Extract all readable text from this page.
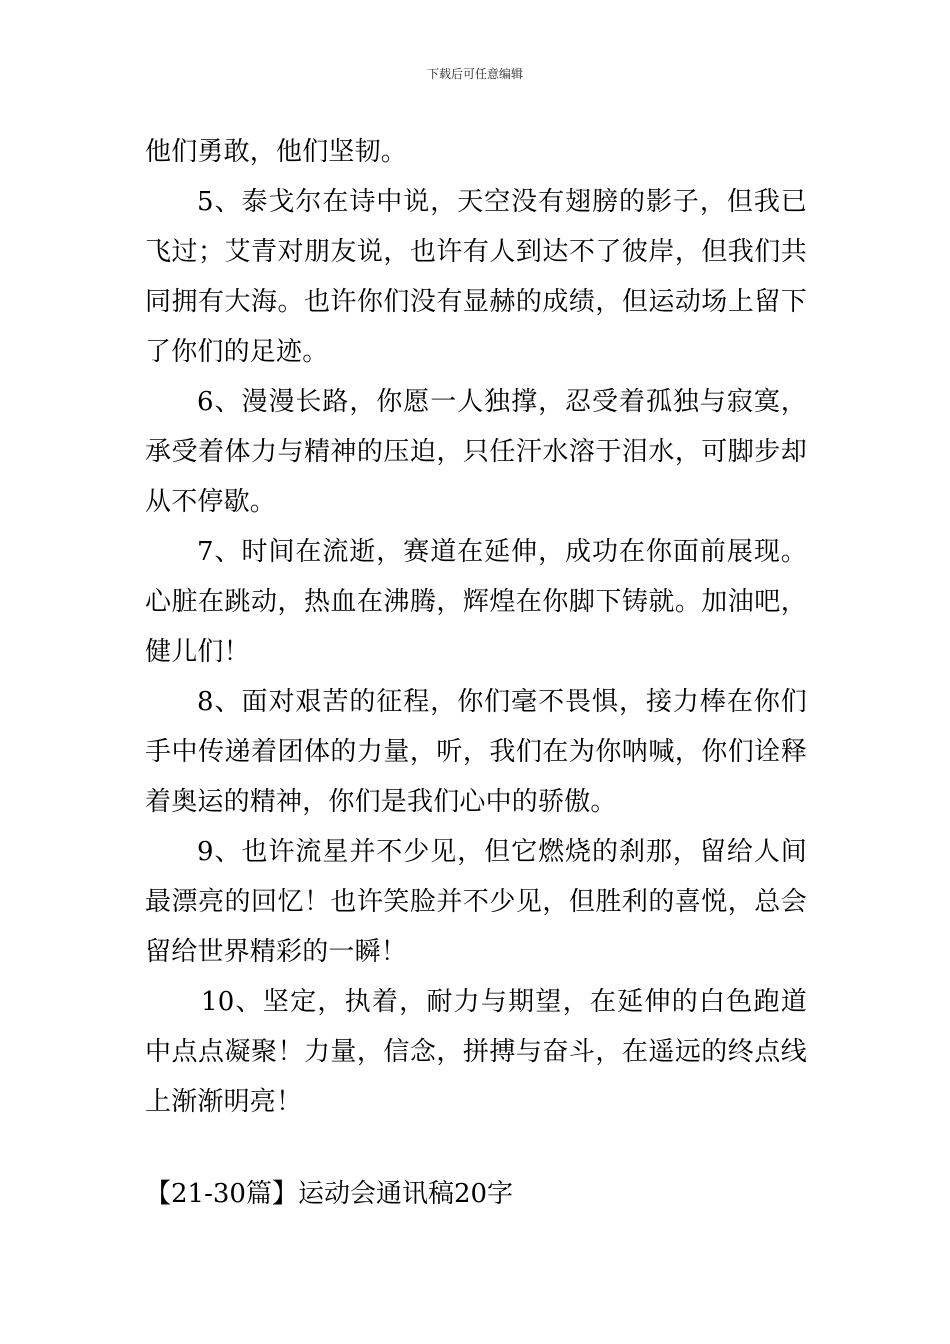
下载后可任意编辑

他们勇敢，他们坚韧。

5、泰戈尔在诗中说，天空没有翅膀的影子，但我已飞过；艾青对朋友说，也许有人到达不了彼岸，但我们共同拥有大海。也许你们没有显赫的成绩，但运动场上留下了你们的足迹。

6、漫漫长路，你愿一人独撑，忍受着孤独与寂寞，承受着体力与精神的压迫，只任汗水溶于泪水，可脚步却从不停歇。

7、时间在流逝，赛道在延伸，成功在你面前展现。心脏在跳动，热血在沸腾，辉煌在你脚下铸就。加油吧，健儿们！

8、面对艰苦的征程，你们毫不畏惧，接力棒在你们手中传递着团体的力量，听，我们在为你呐喊，你们诠释着奥运的精神，你们是我们心中的骄傲。

9、也许流星并不少见，但它燃烧的刹那，留给人间最漂亮的回忆！也许笑脸并不少见，但胜利的喜悦，总会留给世界精彩的一瞬！

10、坚定，执着，耐力与期望，在延伸的白色跑道中点点凝聚！力量，信念，拼搏与奋斗，在遥远的终点线上渐渐明亮！

【21-30篇】运动会通讯稿20字
